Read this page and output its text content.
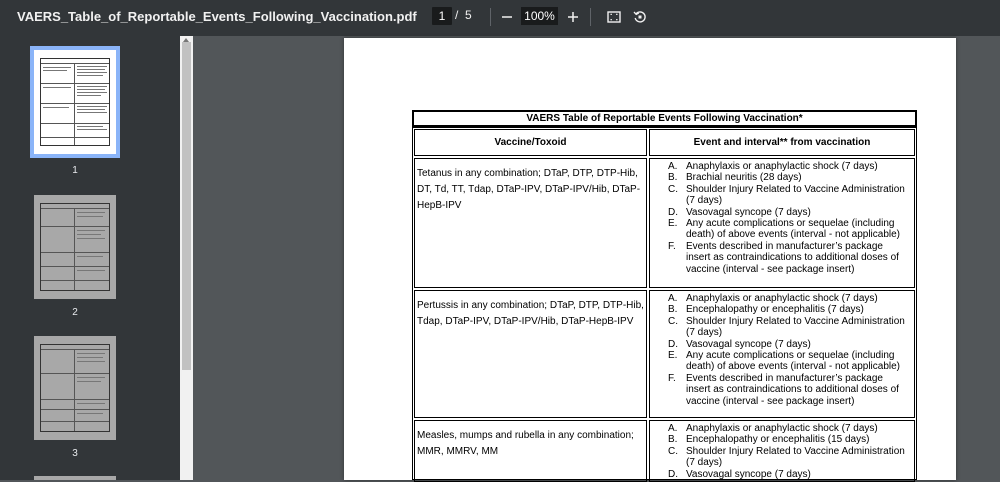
VAERS_Table_of_Reportable_Events_Following_Vaccination.pdf	1 / 5	100%
1
2
3
VAERS Table of Reportable Events Following Vaccination*
Vaccine/Toxoid	Event and interval** from vaccination
Tetanus in any combination; DTaP, DTP, DTP-Hib, DT, Td, TT, Tdap, DTaP-IPV, DTaP-IPV/Hib, DTaP-HepB-IPV
A. Anaphylaxis or anaphylactic shock (7 days)
B. Brachial neuritis (28 days)
C. Shoulder Injury Related to Vaccine Administration (7 days)
D. Vasovagal syncope (7 days)
E. Any acute complications or sequelae (including death) of above events (interval - not applicable)
F.	Events described in manufacturer’s package insert as contraindications to additional doses of vaccine (interval - see package insert)
Pertussis in any combination; DTaP, DTP, DTP-Hib, Tdap, DTaP-IPV, DTaP-IPV/Hib, DTaP-HepB-IPV
A. Anaphylaxis or anaphylactic shock (7 days)
B. Encephalopathy or encephalitis (7 days)
C. Shoulder Injury Related to Vaccine Administration (7 days)
D. Vasovagal syncope (7 days)
E. Any acute complications or sequelae (including death) of above events (interval - not applicable)
F.	Events described in manufacturer’s package insert as contraindications to additional doses of vaccine (interval - see package insert)
Measles, mumps and rubella in any combination; MMR, MMRV, MM
A. Anaphylaxis or anaphylactic shock (7 days)
B. Encephalopathy or encephalitis (15 days)
C. Shoulder Injury Related to Vaccine Administration (7 days)
D. Vasovagal syncope (7 days)
